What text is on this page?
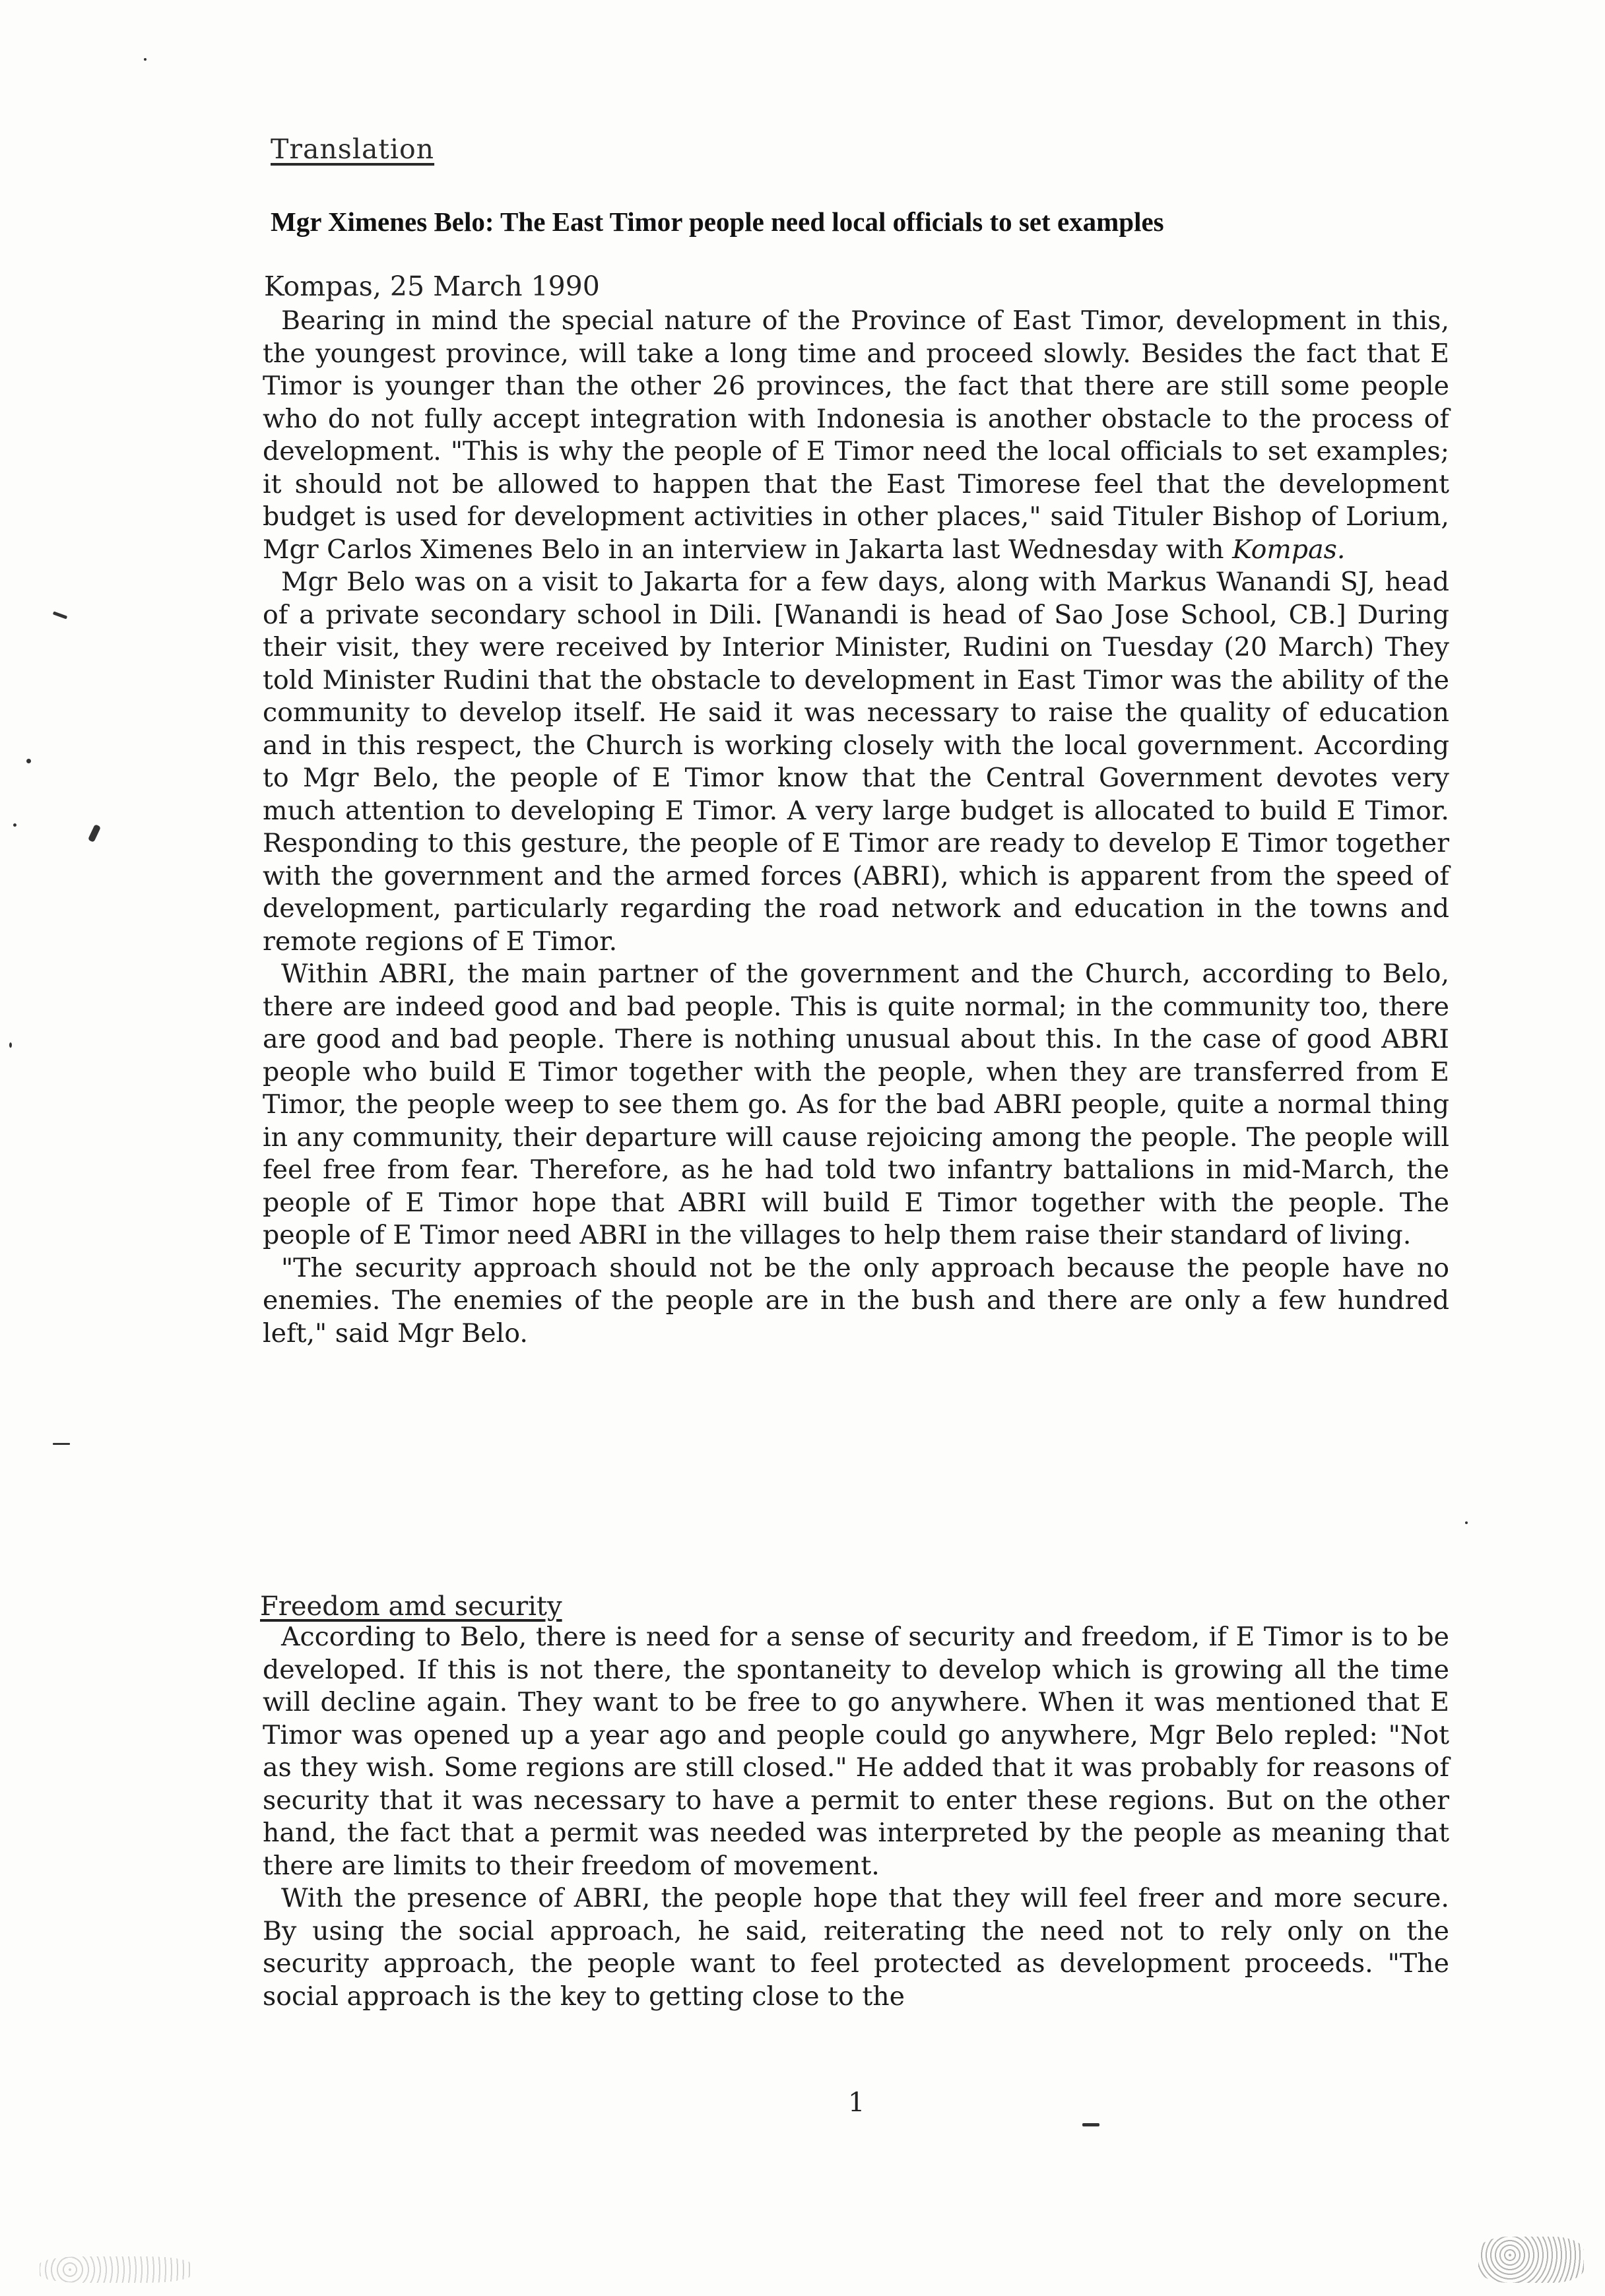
Translation
Mgr Ximenes Belo: The East Timor people need local officials to set examples
Kompas, 25 March 1990

Bearing in mind the special nature of the Province of East Timor, development in this, the youngest province, will take a long time and proceed slowly. Besides the fact that E Timor is younger than the other 26 provinces, the fact that there are still some people who do not fully accept integration with Indonesia is another obstacle to the process of development. "This is why the people of E Timor need the local officials to set examples; it should not be allowed to happen that the East Timorese feel that the development budget is used for development activities in other places," said Tituler Bishop of Lorium, Mgr Carlos Ximenes Belo in an interview in Jakarta last Wednesday with Kompas.

Mgr Belo was on a visit to Jakarta for a few days, along with Markus Wanandi SJ, head of a private secondary school in Dili. [Wanandi is head of Sao Jose School, CB.] During their visit, they were received by Interior Minister, Rudini on Tuesday (20 March) They told Minister Rudini that the obstacle to development in East Timor was the ability of the community to develop itself. He said it was necessary to raise the quality of education and in this respect, the Church is working closely with the local government. According to Mgr Belo, the people of E Timor know that the Central Government devotes very much attention to developing E Timor. A very large budget is allocated to build E Timor. Responding to this gesture, the people of E Timor are ready to develop E Timor together with the government and the armed forces (ABRI), which is apparent from the speed of development, particularly regarding the road network and education in the towns and remote regions of E Timor.

Within ABRI, the main partner of the government and the Church, according to Belo, there are indeed good and bad people. This is quite normal; in the community too, there are good and bad people. There is nothing unusual about this. In the case of good ABRI people who build E Timor together with the people, when they are transferred from E Timor, the people weep to see them go. As for the bad ABRI people, quite a normal thing in any community, their departure will cause rejoicing among the people. The people will feel free from fear. Therefore, as he had told two infantry battalions in mid-March, the people of E Timor hope that ABRI will build E Timor together with the people. The people of E Timor need ABRI in the villages to help them raise their standard of living.

"The security approach should not be the only approach because the people have no enemies. The enemies of the people are in the bush and there are only a few hundred left," said Mgr Belo.

Freedom amd security

According to Belo, there is need for a sense of security and freedom, if E Timor is to be developed. If this is not there, the spontaneity to develop which is growing all the time will decline again. They want to be free to go anywhere. When it was mentioned that E Timor was opened up a year ago and people could go anywhere, Mgr Belo repled: "Not as they wish. Some regions are still closed." He added that it was probably for reasons of security that it was necessary to have a permit to enter these regions. But on the other hand, the fact that a permit was needed was interpreted by the people as meaning that there are limits to their freedom of movement.

With the presence of ABRI, the people hope that they will feel freer and more secure. By using the social approach, he said, reiterating the need not to rely only on the security approach, the people want to feel protected as development proceeds. "The social approach is the key to getting close to the

1
